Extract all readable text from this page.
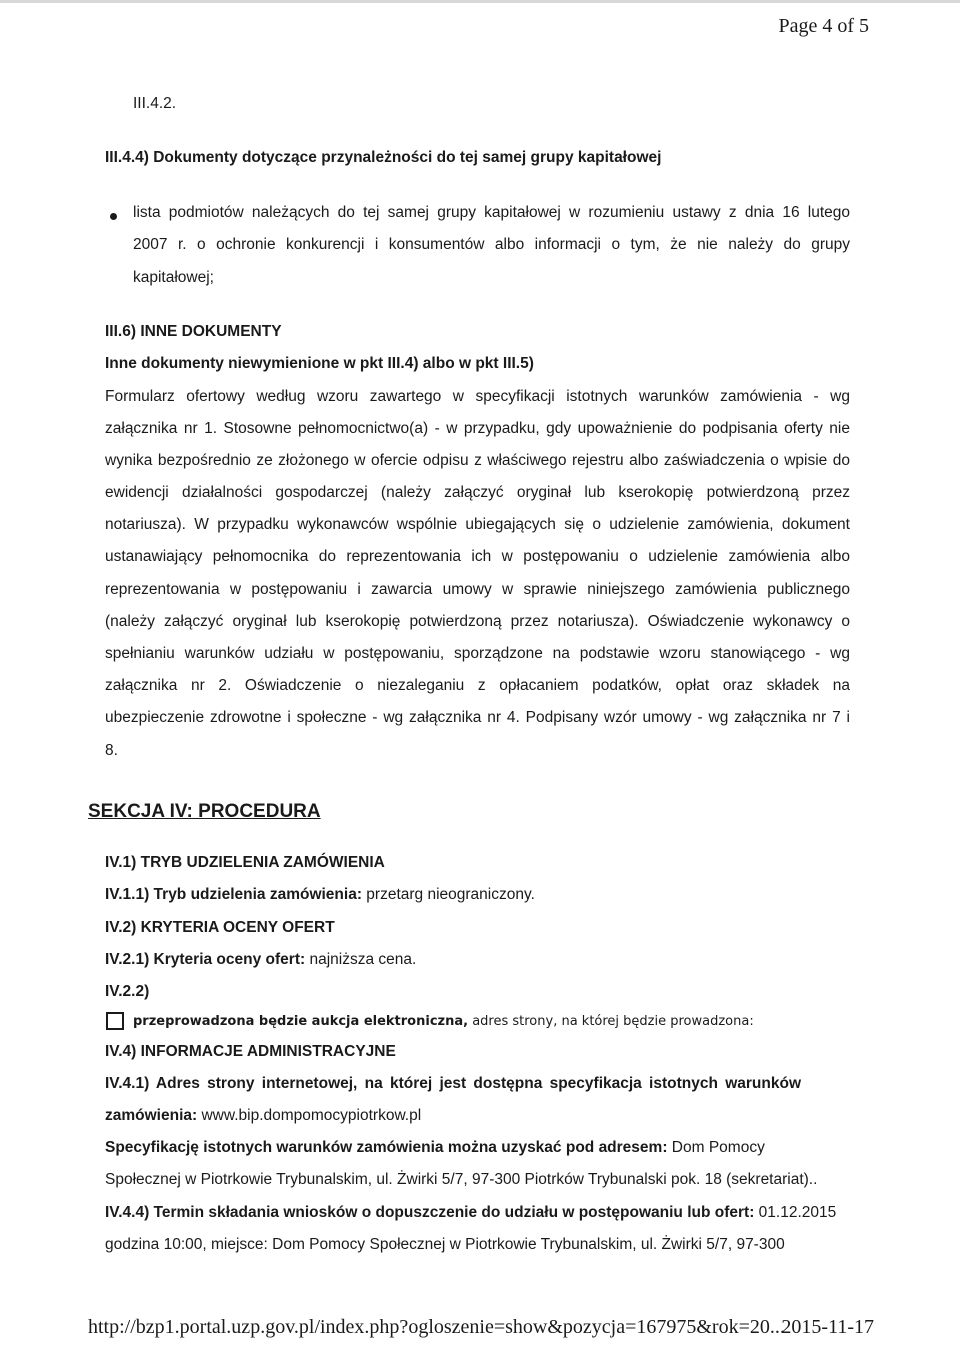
Page 4 of 5
III.4.2.
III.4.4) Dokumenty dotyczące przynależności do tej samej grupy kapitałowej
lista podmiotów należących do tej samej grupy kapitałowej w rozumieniu ustawy z dnia 16 lutego
2007 r. o ochronie konkurencji i konsumentów albo informacji o tym, że nie należy do grupy
kapitałowej;
III.6) INNE DOKUMENTY
Inne dokumenty niewymienione w pkt III.4) albo w pkt III.5)
Formularz ofertowy według wzoru zawartego w specyfikacji istotnych warunków zamówienia - wg
załącznika nr 1. Stosowne pełnomocnictwo(a) - w przypadku, gdy upoważnienie do podpisania oferty nie
wynika bezpośrednio ze złożonego w ofercie odpisu z właściwego rejestru albo zaświadczenia o wpisie do
ewidencji działalności gospodarczej (należy załączyć oryginał lub kserokopię potwierdzoną przez
notariusza). W przypadku wykonawców wspólnie ubiegających się o udzielenie zamówienia, dokument
ustanawiający pełnomocnika do reprezentowania ich w postępowaniu o udzielenie zamówienia albo
reprezentowania w postępowaniu i zawarcia umowy w sprawie niniejszego zamówienia publicznego
(należy załączyć oryginał lub kserokopię potwierdzoną przez notariusza). Oświadczenie wykonawcy o
spełnianiu warunków udziału w postępowaniu, sporządzone na podstawie wzoru stanowiącego - wg
załącznika nr 2. Oświadczenie o niezaleganiu z opłacaniem podatków, opłat oraz składek na
ubezpieczenie zdrowotne i społeczne - wg załącznika nr 4. Podpisany wzór umowy - wg załącznika nr 7 i
8.
SEKCJA IV: PROCEDURA
IV.1) TRYB UDZIELENIA ZAMÓWIENIA
IV.1.1) Tryb udzielenia zamówienia: przetarg nieograniczony.
IV.2) KRYTERIA OCENY OFERT
IV.2.1) Kryteria oceny ofert: najniższa cena.
IV.2.2)
przeprowadzona będzie aukcja elektroniczna, adres strony, na której będzie prowadzona:
IV.4) INFORMACJE ADMINISTRACYJNE
IV.4.1) Adres strony internetowej, na której jest dostępna specyfikacja istotnych warunków
zamówienia: www.bip.dompomocypiotrkow.pl
Specyfikację istotnych warunków zamówienia można uzyskać pod adresem: Dom Pomocy
Społecznej w Piotrkowie Trybunalskim, ul. Żwirki 5/7, 97-300 Piotrków Trybunalski pok. 18 (sekretariat)..
IV.4.4) Termin składania wniosków o dopuszczenie do udziału w postępowaniu lub ofert: 01.12.2015
godzina 10:00, miejsce: Dom Pomocy Społecznej w Piotrkowie Trybunalskim, ul. Żwirki 5/7, 97-300
http://bzp1.portal.uzp.gov.pl/index.php?ogloszenie=show&pozycja=167975&rok=20...
2015-11-17
